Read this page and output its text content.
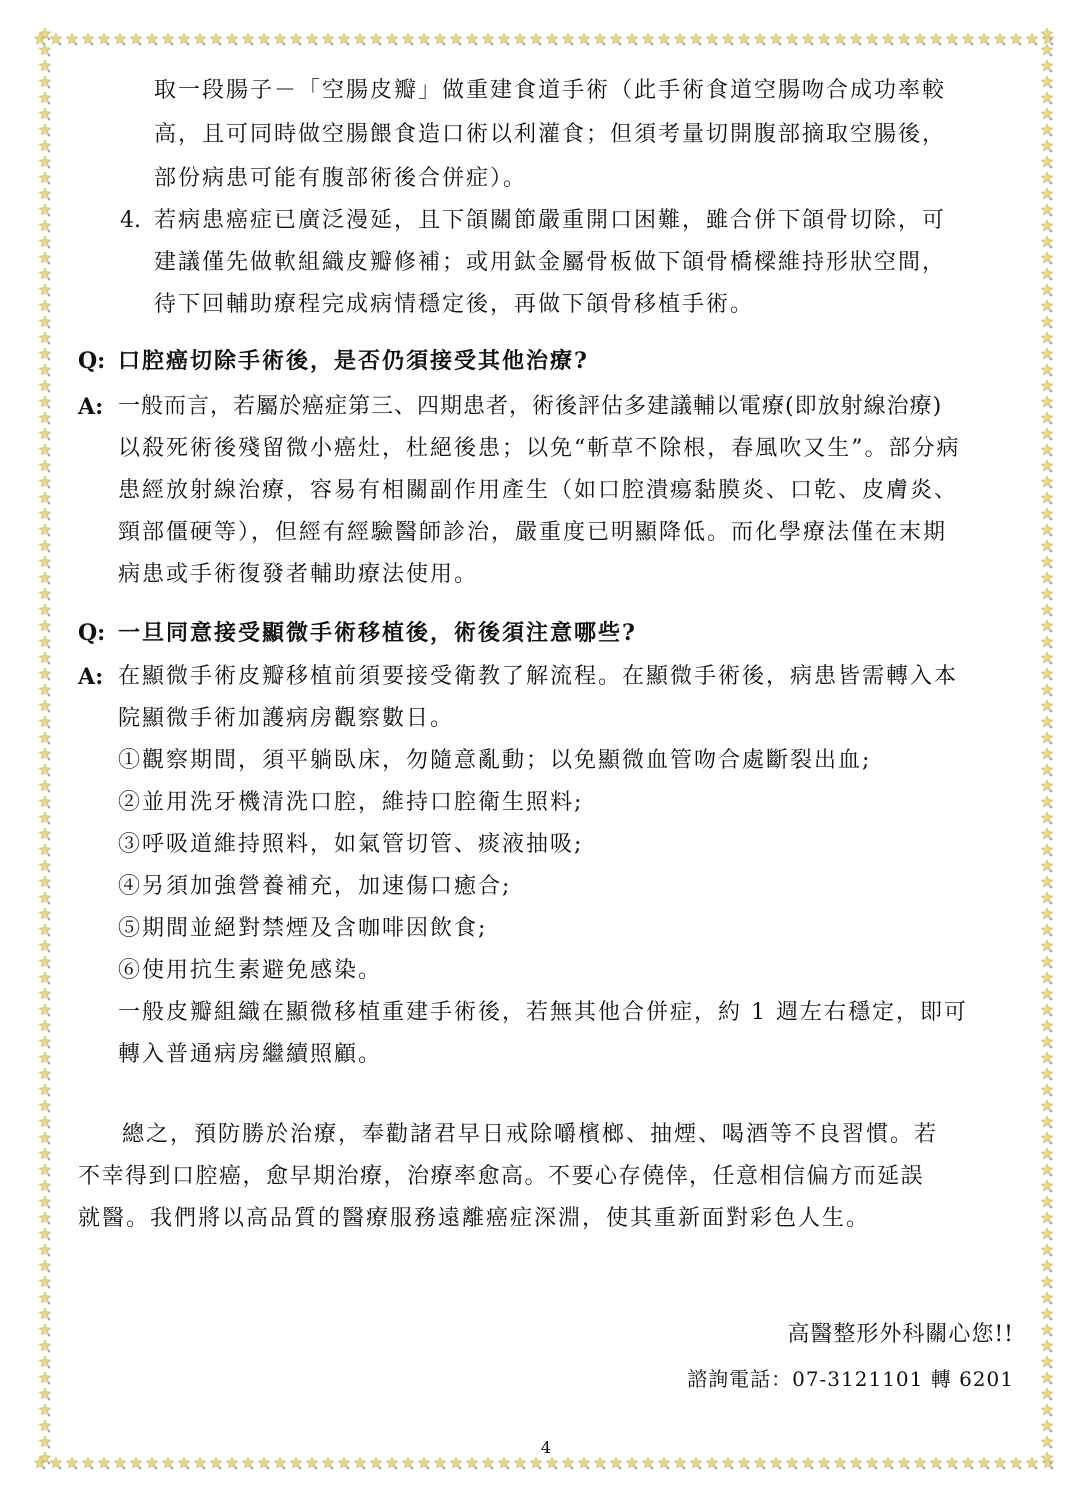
取一段腸子－「空腸皮瓣」做重建食道手術（此手術食道空腸吻合成功率較
高，且可同時做空腸餵食造口術以利灌食；但須考量切開腹部摘取空腸後，
部份病患可能有腹部術後合併症）。
4. 若病患癌症已廣泛漫延，且下頜關節嚴重開口困難，雖合併下頜骨切除，可
建議僅先做軟組織皮瓣修補；或用鈦金屬骨板做下頜骨橋樑維持形狀空間，
待下回輔助療程完成病情穩定後，再做下頜骨移植手術。
Q: 口腔癌切除手術後，是否仍須接受其他治療?
A: 一般而言，若屬於癌症第三、四期患者，術後評估多建議輔以電療(即放射線治療)
以殺死術後殘留微小癌灶，杜絕後患；以免“斬草不除根，春風吹又生”。部分病
患經放射線治療，容易有相關副作用產生（如口腔潰瘍黏膜炎、口乾、皮膚炎、
頸部僵硬等），但經有經驗醫師診治，嚴重度已明顯降低。而化學療法僅在末期
病患或手術復發者輔助療法使用。
Q: 一旦同意接受顯微手術移植後，術後須注意哪些?
A: 在顯微手術皮瓣移植前須要接受衛教了解流程。在顯微手術後，病患皆需轉入本
院顯微手術加護病房觀察數日。
①觀察期間，須平躺臥床，勿隨意亂動；以免顯微血管吻合處斷裂出血;
②並用洗牙機清洗口腔，維持口腔衛生照料;
③呼吸道維持照料，如氣管切管、痰液抽吸;
④另須加強營養補充，加速傷口癒合;
⑤期間並絕對禁煙及含咖啡因飲食;
⑥使用抗生素避免感染。
一般皮瓣組織在顯微移植重建手術後，若無其他合併症，約 1 週左右穩定，即可
轉入普通病房繼續照顧。
總之，預防勝於治療，奉勸諸君早日戒除嚼檳榔、抽煙、喝酒等不良習慣。若
不幸得到口腔癌，愈早期治療，治療率愈高。不要心存僥倖，任意相信偏方而延誤
就醫。我們將以高品質的醫療服務遠離癌症深淵，使其重新面對彩色人生。
高醫整形外科關心您!!
諮詢電話：07-3121101 轉 6201
4
